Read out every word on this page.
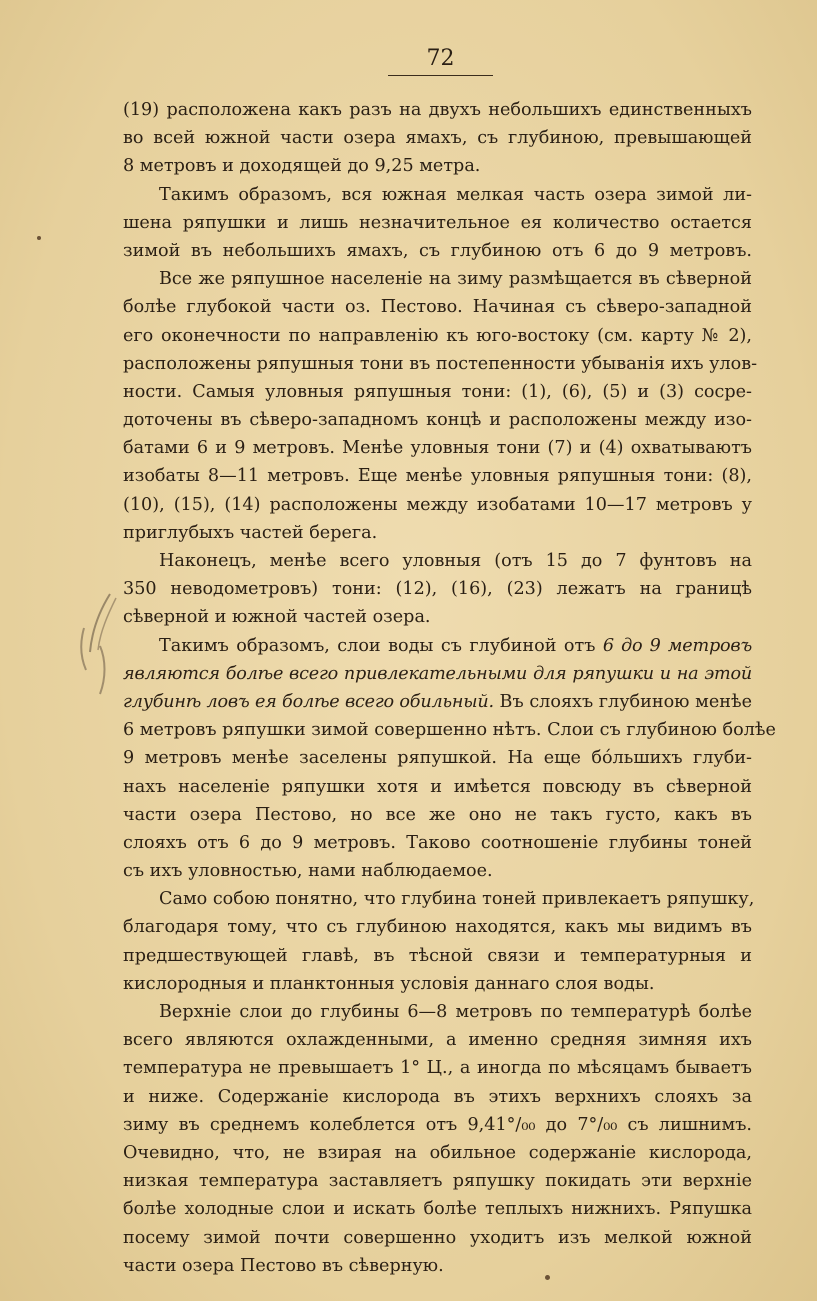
72
(19) расположена какъ разъ на двухъ небольшихъ единственныхъ
во всей южной части озера ямахъ, съ глубиною, превышающей
8 метровъ и доходящей до 9,25 метра.
Такимъ образомъ, вся южная мелкая часть озера зимой ли-
шена ряпушки и лишь незначительное ея количество остается
зимой въ небольшихъ ямахъ, съ глубиною отъ 6 до 9 метровъ.
Все же ряпушное населеніе на зиму размѣщается въ сѣверной
болѣе глубокой части оз. Пестово. Начиная съ сѣверо-западной
его оконечности по направленію къ юго-востоку (см. карту № 2),
расположены ряпушныя тони въ постепенности убыванія ихъ улов-
ности. Самыя уловныя ряпушныя тони: (1), (6), (5) и (3) сосре-
доточены въ сѣверо-западномъ концѣ и расположены между изо-
батами 6 и 9 метровъ. Менѣе уловныя тони (7) и (4) охватываютъ
изобаты 8—11 метровъ. Еще менѣе уловныя ряпушныя тони: (8),
(10), (15), (14) расположены между изобатами 10—17 метровъ у
приглубыхъ частей берега.
Наконецъ, менѣе всего уловныя (отъ 15 до 7 фунтовъ на
350 неводометровъ) тони: (12), (16), (23) лежатъ на границѣ
сѣверной и южной частей озера.
Такимъ образомъ, слои воды съ глубиной отъ 6 до 9 метровъ
являются болѣе всего привлекательными для ряпушки и на этой
глубинѣ ловъ ея болѣе всего обильный. Въ слояхъ глубиною менѣе
6 метровъ ряпушки зимой совершенно нѣтъ. Слои съ глубиною болѣе
9 метровъ менѣе заселены ряпушкой. На еще бóльшихъ глуби-
нахъ населеніе ряпушки хотя и имѣется повсюду въ сѣверной
части озера Пестово, но все же оно не такъ густо, какъ въ
слояхъ отъ 6 до 9 метровъ. Таково соотношеніе глубины тоней
съ ихъ уловностью, нами наблюдаемое.
Само собою понятно, что глубина тоней привлекаетъ ряпушку,
благодаря тому, что съ глубиною находятся, какъ мы видимъ въ
предшествующей главѣ, въ тѣсной связи и температурныя и
кислородныя и планктонныя условія даннаго слоя воды.
Верхніе слои до глубины 6—8 метровъ по температурѣ болѣе
всего являются охлажденными, а именно средняя зимняя ихъ
температура не превышаетъ 1° Ц., а иногда по мѣсяцамъ бываетъ
и ниже. Содержаніе кислорода въ этихъ верхнихъ слояхъ за
зиму въ среднемъ колеблется отъ 9,41°/₀₀ до 7°/₀₀ съ лишнимъ.
Очевидно, что, не взирая на обильное содержаніе кислорода,
низкая температура заставляетъ ряпушку покидать эти верхніе
болѣе холодные слои и искать болѣе теплыхъ нижнихъ. Ряпушка
посему зимой почти совершенно уходитъ изъ мелкой южной
части озера Пестово въ сѣверную.
